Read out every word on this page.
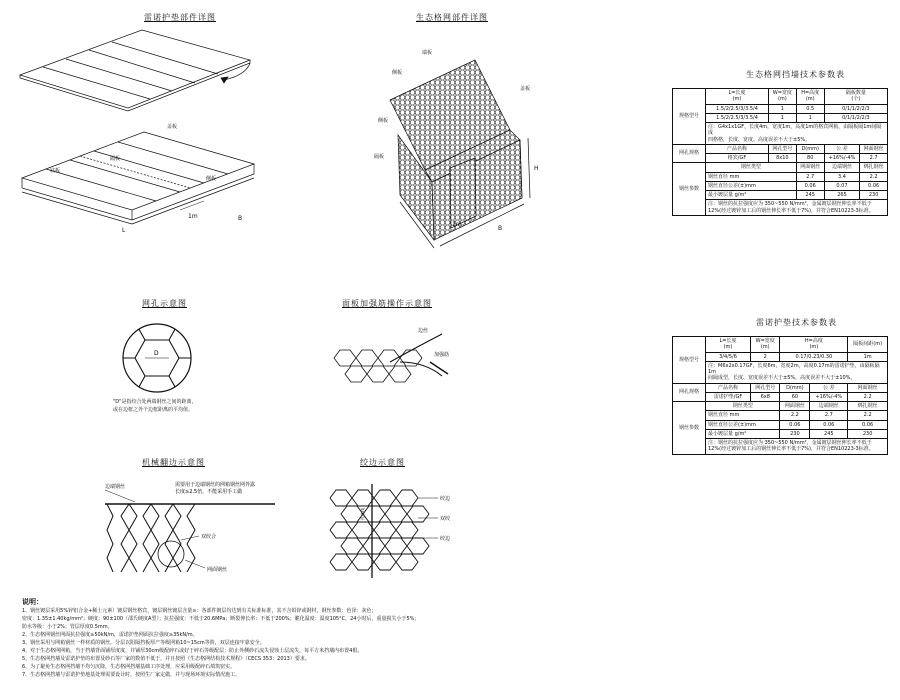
雷诺护垫部件详图	生态格网部件详图
网孔示意图	面板加强筋操作示意图
机械翻边示意图	绞边示意图
盖板
底板
隔板
侧板
L
B
1m
侧板
侧板
端板
盖板
隔板
H
B
1m
D
"D"是指绞合处两端钢丝之间的距离，
或在边框之外个边框距离的平均值。
边丝
加强筋
边端钢丝	需要用于边端钢丝的网箱钢丝网外露
长度≥2.5倍，不能采用手工做
双绞合
网面钢丝
绞边
双绞
绞边
扎丝线
生态格网挡墙技术参数表
规格型号	L=长度
(m)	W=宽度
(m)	H=高度
(m)	隔板数量
(个)	
	1.5/2/2.5/3/3.5/4	1	0.5	0/1/1/2/2/3	
	1.5/2/2.5/3/3.5/4	1	1	0/1/1/2/2/3	
	注：G4x1x1GF，长度4m，宽度1m，高度1m的格宾网箱，由隔板隔1m间隔成
四格格，长度、宽度、高度误差不大于±5%。				
网孔规格	产品名称	网孔型号	D(mm)	公 差	网面钢丝
	格宾/GF	8x10	80	+16%/-4%	2.7
钢丝参数	钢丝类型		网面钢丝	边端钢丝	绑扎钢丝
	钢丝直径 mm		2.7	3.4	2.2
	钢丝直径公差(±)mm		0.06	0.07	0.06
	最小镀层量 g/m²		245	265	230
	注：钢丝的抗拉强度应为 350~550 N/mm²，金属镀层钢丝伸长率不低于
12%(经过镀锌加工后的钢丝伸长率不低于7%)，并符合EN10223-3标准。				
雷诺护垫技术参数表
规格型号	L=长度
(m)	W=宽度
(m)	H=高度
(m)		隔板间距(m)
	3/4/5/6	2	0.17/0.23/0.30		1m
	注：M6x2x0.17GF，长度6m，宽度2m，高度0.17m的雷诺护垫，由隔板隔1m
间隔成型，长度、宽度误差不大于±5%，高度误差不大于±10%。				
网孔规格	产品名称	网孔型号	D(mm)	公 差	网面钢丝
	雷诺护垫/GF	6x8	60	+16%/-4%	2.2
钢丝参数	钢丝类型		网面钢丝	边端钢丝	绑扎钢丝
	钢丝直径 mm		2.2	2.7	2.2
	钢丝直径公差(±)mm		0.06	0.06	0.06
	最小镀层量 g/m²		230	245	230
	注：钢丝的抗拉强度应为 350~550 N/mm²，金属镀层钢丝伸长率不低于
12%(经过镀锌加工后的钢丝伸长率不低于7%)，并符合EN10223-3标准。				
说明：
1、钢丝镀层采用5%锌铝合金+稀土元素）镀层钢丝格宾，镀层钢丝镀层含量≥：各部件镀层均达到有关标准标准，其不含铅锌或钢材。钢丝参数：色泽：灰色；
密度：1.35±1.40kg/mm²；硬度：90±100（邵氏硬度A型）；抗拉强度：不低于20.6MPa；断裂伸长率：不低于200%；脆化温度：温度105°C，24小时后，重量损失小于5%；
防水等级：小于2%；管层厚度0.5mm。
2、生态格网钢丝网面抗拉强度≥50kN/m，雷诺护垫网面抗拉强度≥35kN/m。
3、钢丝采用与网箱钢丝一样材质的钢丝，分层以阻隔挡板厚产等级网箱10~15cm等阶，双层连接牢靠安全。
4、对于生态格网网箱，当于挡墙背面铺厚度度，并铺厚30cm级配碎石或好于碎石等级配层；防止外侧砂石流失侵蚀土层流失，每平方米挡墙内布置4根。
5、生态格网挡墙及雷诺护垫的布置及砂石等厂家的数值不低于，并且按照《生态格网结构技术规程》（CECS 353：2013）要求。
6、为了避免生态格网挡墙不均匀沉降，生态格网挡墙基础工序处理，应采用级配碎石填筑密实。
7、生态格网挡墙与雷诺护垫地基处理需要设计时，按照生厂家定做，并与现场环境实际情况施工。
